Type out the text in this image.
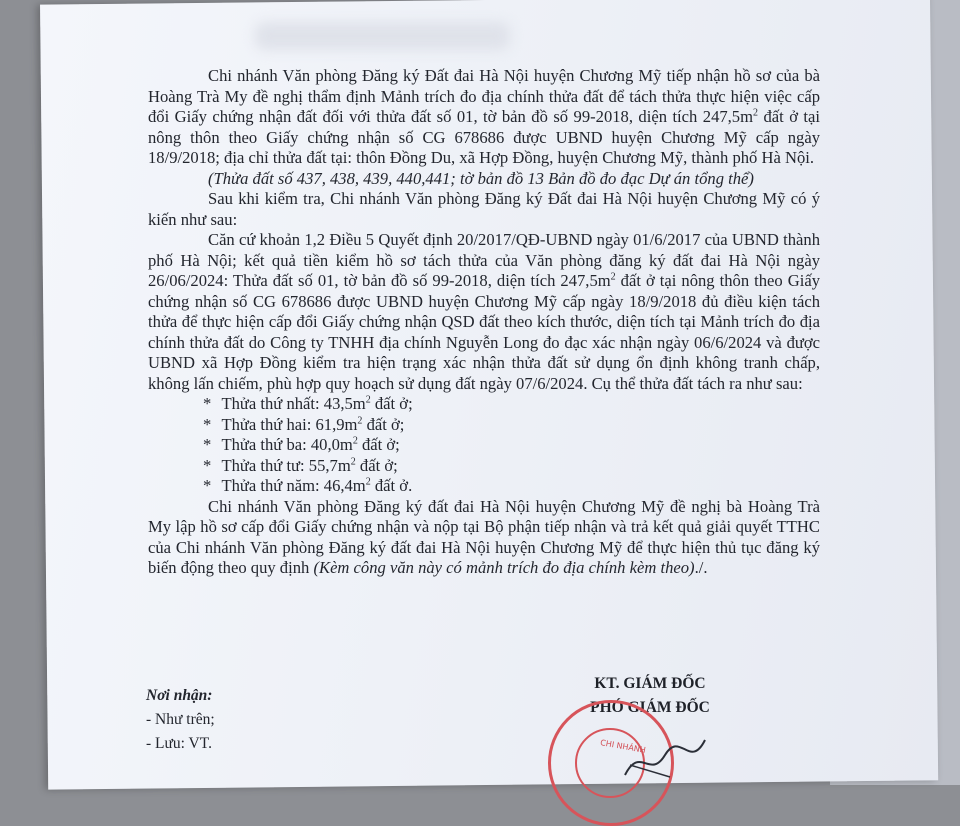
Chi nhánh Văn phòng Đăng ký Đất đai Hà Nội huyện Chương Mỹ tiếp nhận hồ sơ của bà Hoàng Trà My đề nghị thẩm định Mảnh trích đo địa chính thửa đất để tách thửa thực hiện việc cấp đổi Giấy chứng nhận đất đối với thửa đất số 01, tờ bản đồ số 99-2018, diện tích $247,5m^2$ đất ở tại nông thôn theo Giấy chứng nhận số CG 678686 được UBND huyện Chương Mỹ cấp ngày 18/9/2018; địa chỉ thửa đất tại: thôn Đồng Du, xã Hợp Đồng, huyện Chương Mỹ, thành phố Hà Nội.

(Thửa đất số 437, 438, 439, 440,441; tờ bản đồ 13 Bản đồ đo đạc Dự án tổng thể)

Sau khi kiểm tra, Chi nhánh Văn phòng Đăng ký Đất đai Hà Nội huyện Chương Mỹ có ý kiến như sau:

Căn cứ khoản 1,2 Điều 5 Quyết định 20/2017/QĐ-UBND ngày 01/6/2017 của UBND thành phố Hà Nội; kết quả tiền kiểm hồ sơ tách thửa của Văn phòng đăng ký đất đai Hà Nội ngày 26/06/2024: Thửa đất số 01, tờ bản đồ số 99-2018, diện tích $247,5m^2$ đất ở tại nông thôn theo Giấy chứng nhận số CG 678686 được UBND huyện Chương Mỹ cấp ngày 18/9/2018 đủ điều kiện tách thửa để thực hiện cấp đổi Giấy chứng nhận QSD đất theo kích thước, diện tích tại Mảnh trích đo địa chính thửa đất do Công ty TNHH địa chính Nguyễn Long đo đạc xác nhận ngày 06/6/2024 và được UBND xã Hợp Đồng kiểm tra hiện trạng xác nhận thửa đất sử dụng ổn định không tranh chấp, không lấn chiếm, phù hợp quy hoạch sử dụng đất ngày 07/6/2024. Cụ thể thửa đất tách ra như sau:

* Thửa thứ nhất: $43,5m^2$ đất ở;
* Thửa thứ hai: $61,9m^2$ đất ở;
* Thửa thứ ba: $40,0m^2$ đất ở;
* Thửa thứ tư: $55,7m^2$ đất ở;
* Thửa thứ năm: $46,4m^2$ đất ở.

Chi nhánh Văn phòng Đăng ký đất đai Hà Nội huyện Chương Mỹ đề nghị bà Hoàng Trà My lập hồ sơ cấp đổi Giấy chứng nhận và nộp tại Bộ phận tiếp nhận và trả kết quả giải quyết TTHC của Chi nhánh Văn phòng Đăng ký đất đai Hà Nội huyện Chương Mỹ để thực hiện thủ tục đăng ký biến động theo quy định (Kèm công văn này có mảnh trích đo địa chính kèm theo)./.

Nơi nhận:
- Như trên;
- Lưu: VT.
KT. GIÁM ĐỐC
PHÓ GIÁM ĐỐC
CHI NHÁNH
